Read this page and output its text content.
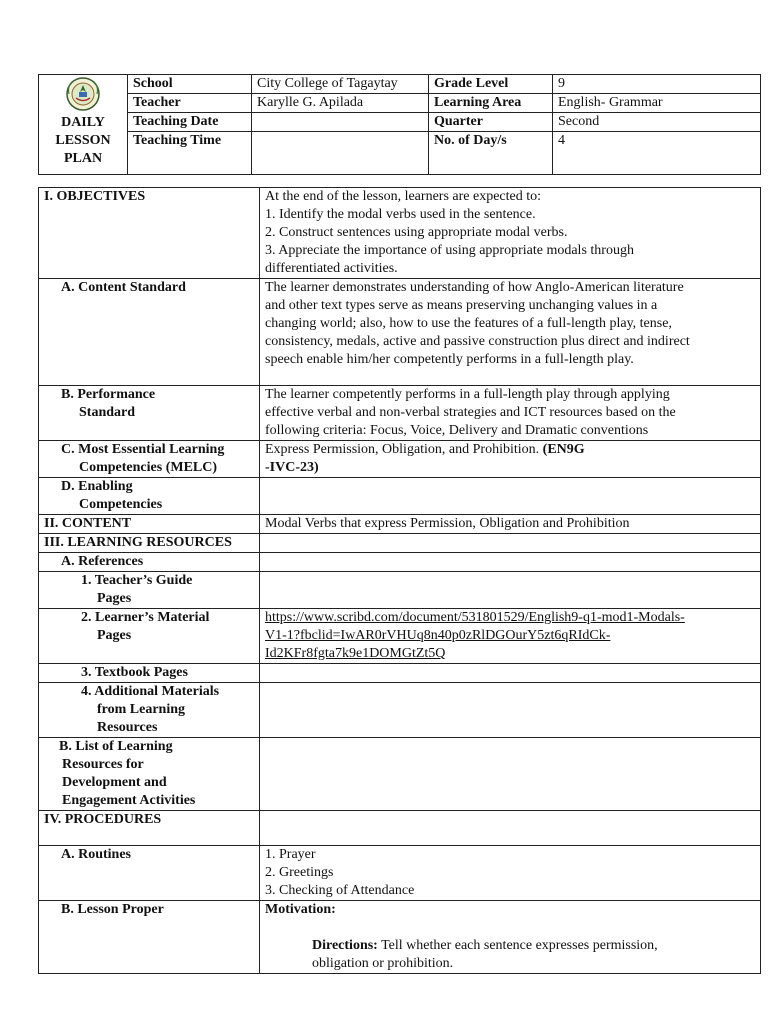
DAILY
LESSON
PLAN	School	City College of Tagaytay	Grade Level	9
	Teacher	Karylle G. Apilada	Learning Area	English- Grammar
	Teaching Date		Quarter	Second
	Teaching Time		No. of Day/s	4
I. OBJECTIVES	At the end of the lesson, learners are expected to:
1. Identify the modal verbs used in the sentence.
2. Construct sentences using appropriate modal verbs.
3. Appreciate the importance of using appropriate modals through
differentiated activities.

A. Content Standard	The learner demonstrates understanding of how Anglo-American literature
and other text types serve as means preserving unchanging values in a
changing world; also, how to use the features of a full-length play, tense,
consistency, medals, active and passive construction plus direct and indirect
speech enable him/her competently performs in a full-length play.

B. Performance
Standard	The learner competently performs in a full-length play through applying
effective verbal and non-verbal strategies and ICT resources based on the
following criteria: Focus, Voice, Delivery and Dramatic conventions

C. Most Essential Learning
Competencies (MELC)	Express Permission, Obligation, and Prohibition. (EN9G
-IVC-23)

D. Enabling
Competencies	

II. CONTENT	Modal Verbs that express Permission, Obligation and Prohibition
III. LEARNING RESOURCES	
A. References	

1. Teacher’s Guide
Pages	

2. Learner’s Material
Pages	https://www.scribd.com/document/531801529/English9-q1-mod1-Modals-
V1-1?fbclid=IwAR0rVHUq8n40p0zRlDGOurY5zt6qRIdCk-
Id2KFr8fgta7k9e1DOMGtZt5Q

3. Textbook Pages	

4. Additional Materials
from Learning
Resources	

B. List of Learning
Resources for
Development and
Engagement Activities	

IV. PROCEDURES	
A. Routines	1. Prayer
2. Greetings
3. Checking of Attendance

B. Lesson Proper	Motivation:
Directions: Tell whether each sentence expresses permission,
obligation or prohibition.
